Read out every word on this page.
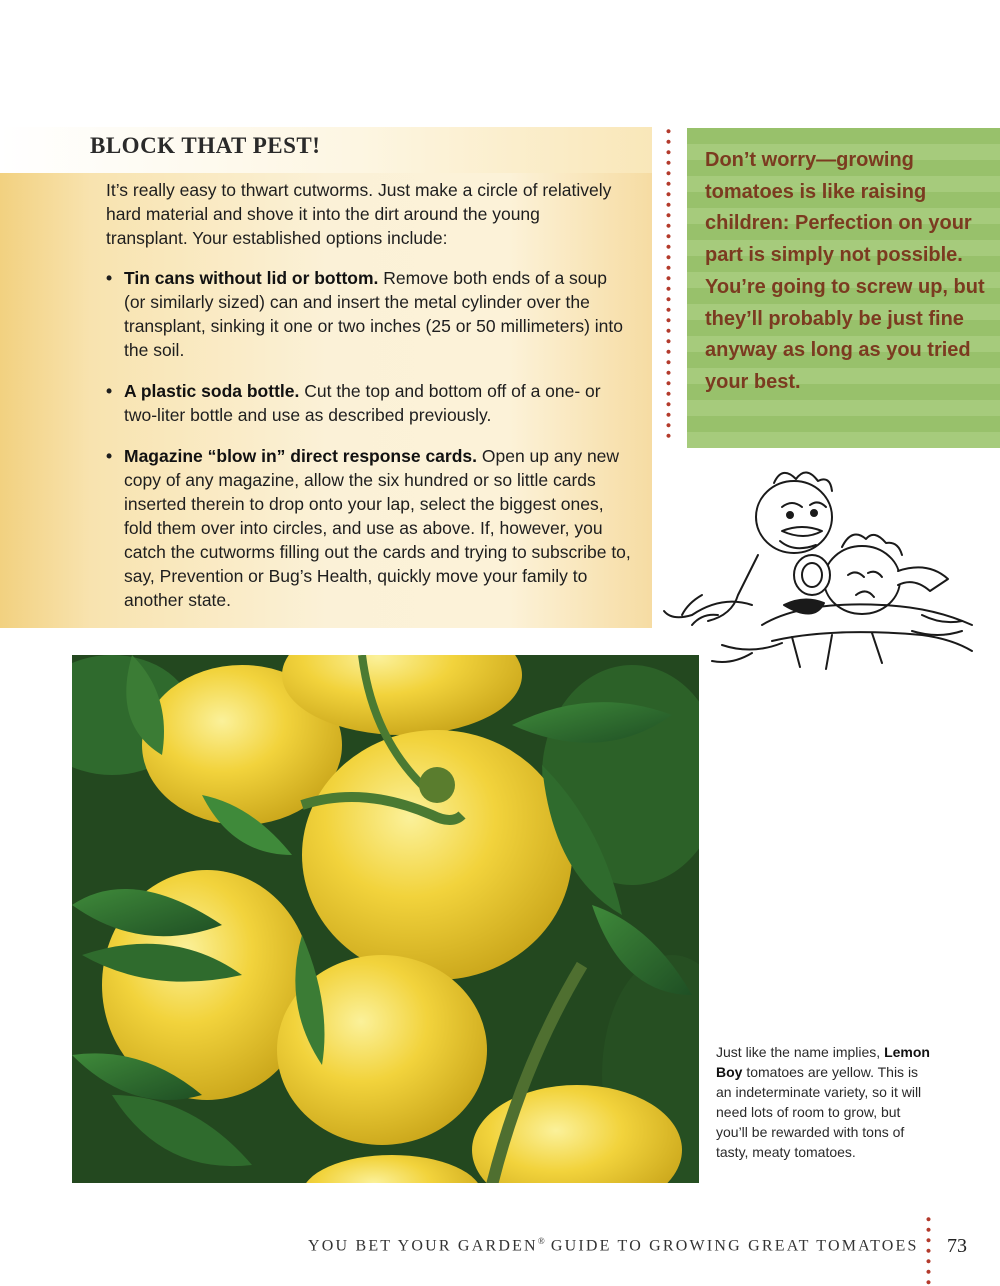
BLOCK THAT PEST!

It’s really easy to thwart cutworms. Just make a circle of relatively hard material and shove it into the dirt around the young transplant. Your established options include:

• Tin cans without lid or bottom. Remove both ends of a soup (or similarly sized) can and insert the metal cylinder over the transplant, sinking it one or two inches (25 or 50 millimeters) into the soil.
• A plastic soda bottle. Cut the top and bottom off of a one- or two-liter bottle and use as described previously.
• Magazine “blow in” direct response cards. Open up any new copy of any magazine, allow the six hundred or so little cards inserted therein to drop onto your lap, select the biggest ones, fold them over into circles, and use as above. If, however, you catch the cutworms filling out the cards and trying to subscribe to, say, Prevention or Bug’s Health, quickly move your family to another state.

Don’t worry—growing tomatoes is like raising children: Perfection on your part is simply not possible. You’re going to screw up, but they’ll probably be just fine anyway as long as you tried your best.

Just like the name implies, Lemon Boy tomatoes are yellow. This is an indeterminate variety, so it will need lots of room to grow, but you’ll be rewarded with tons of tasty, meaty tomatoes.

YOU BET YOUR GARDEN® GUIDE TO GROWING GREAT TOMATOES 73
